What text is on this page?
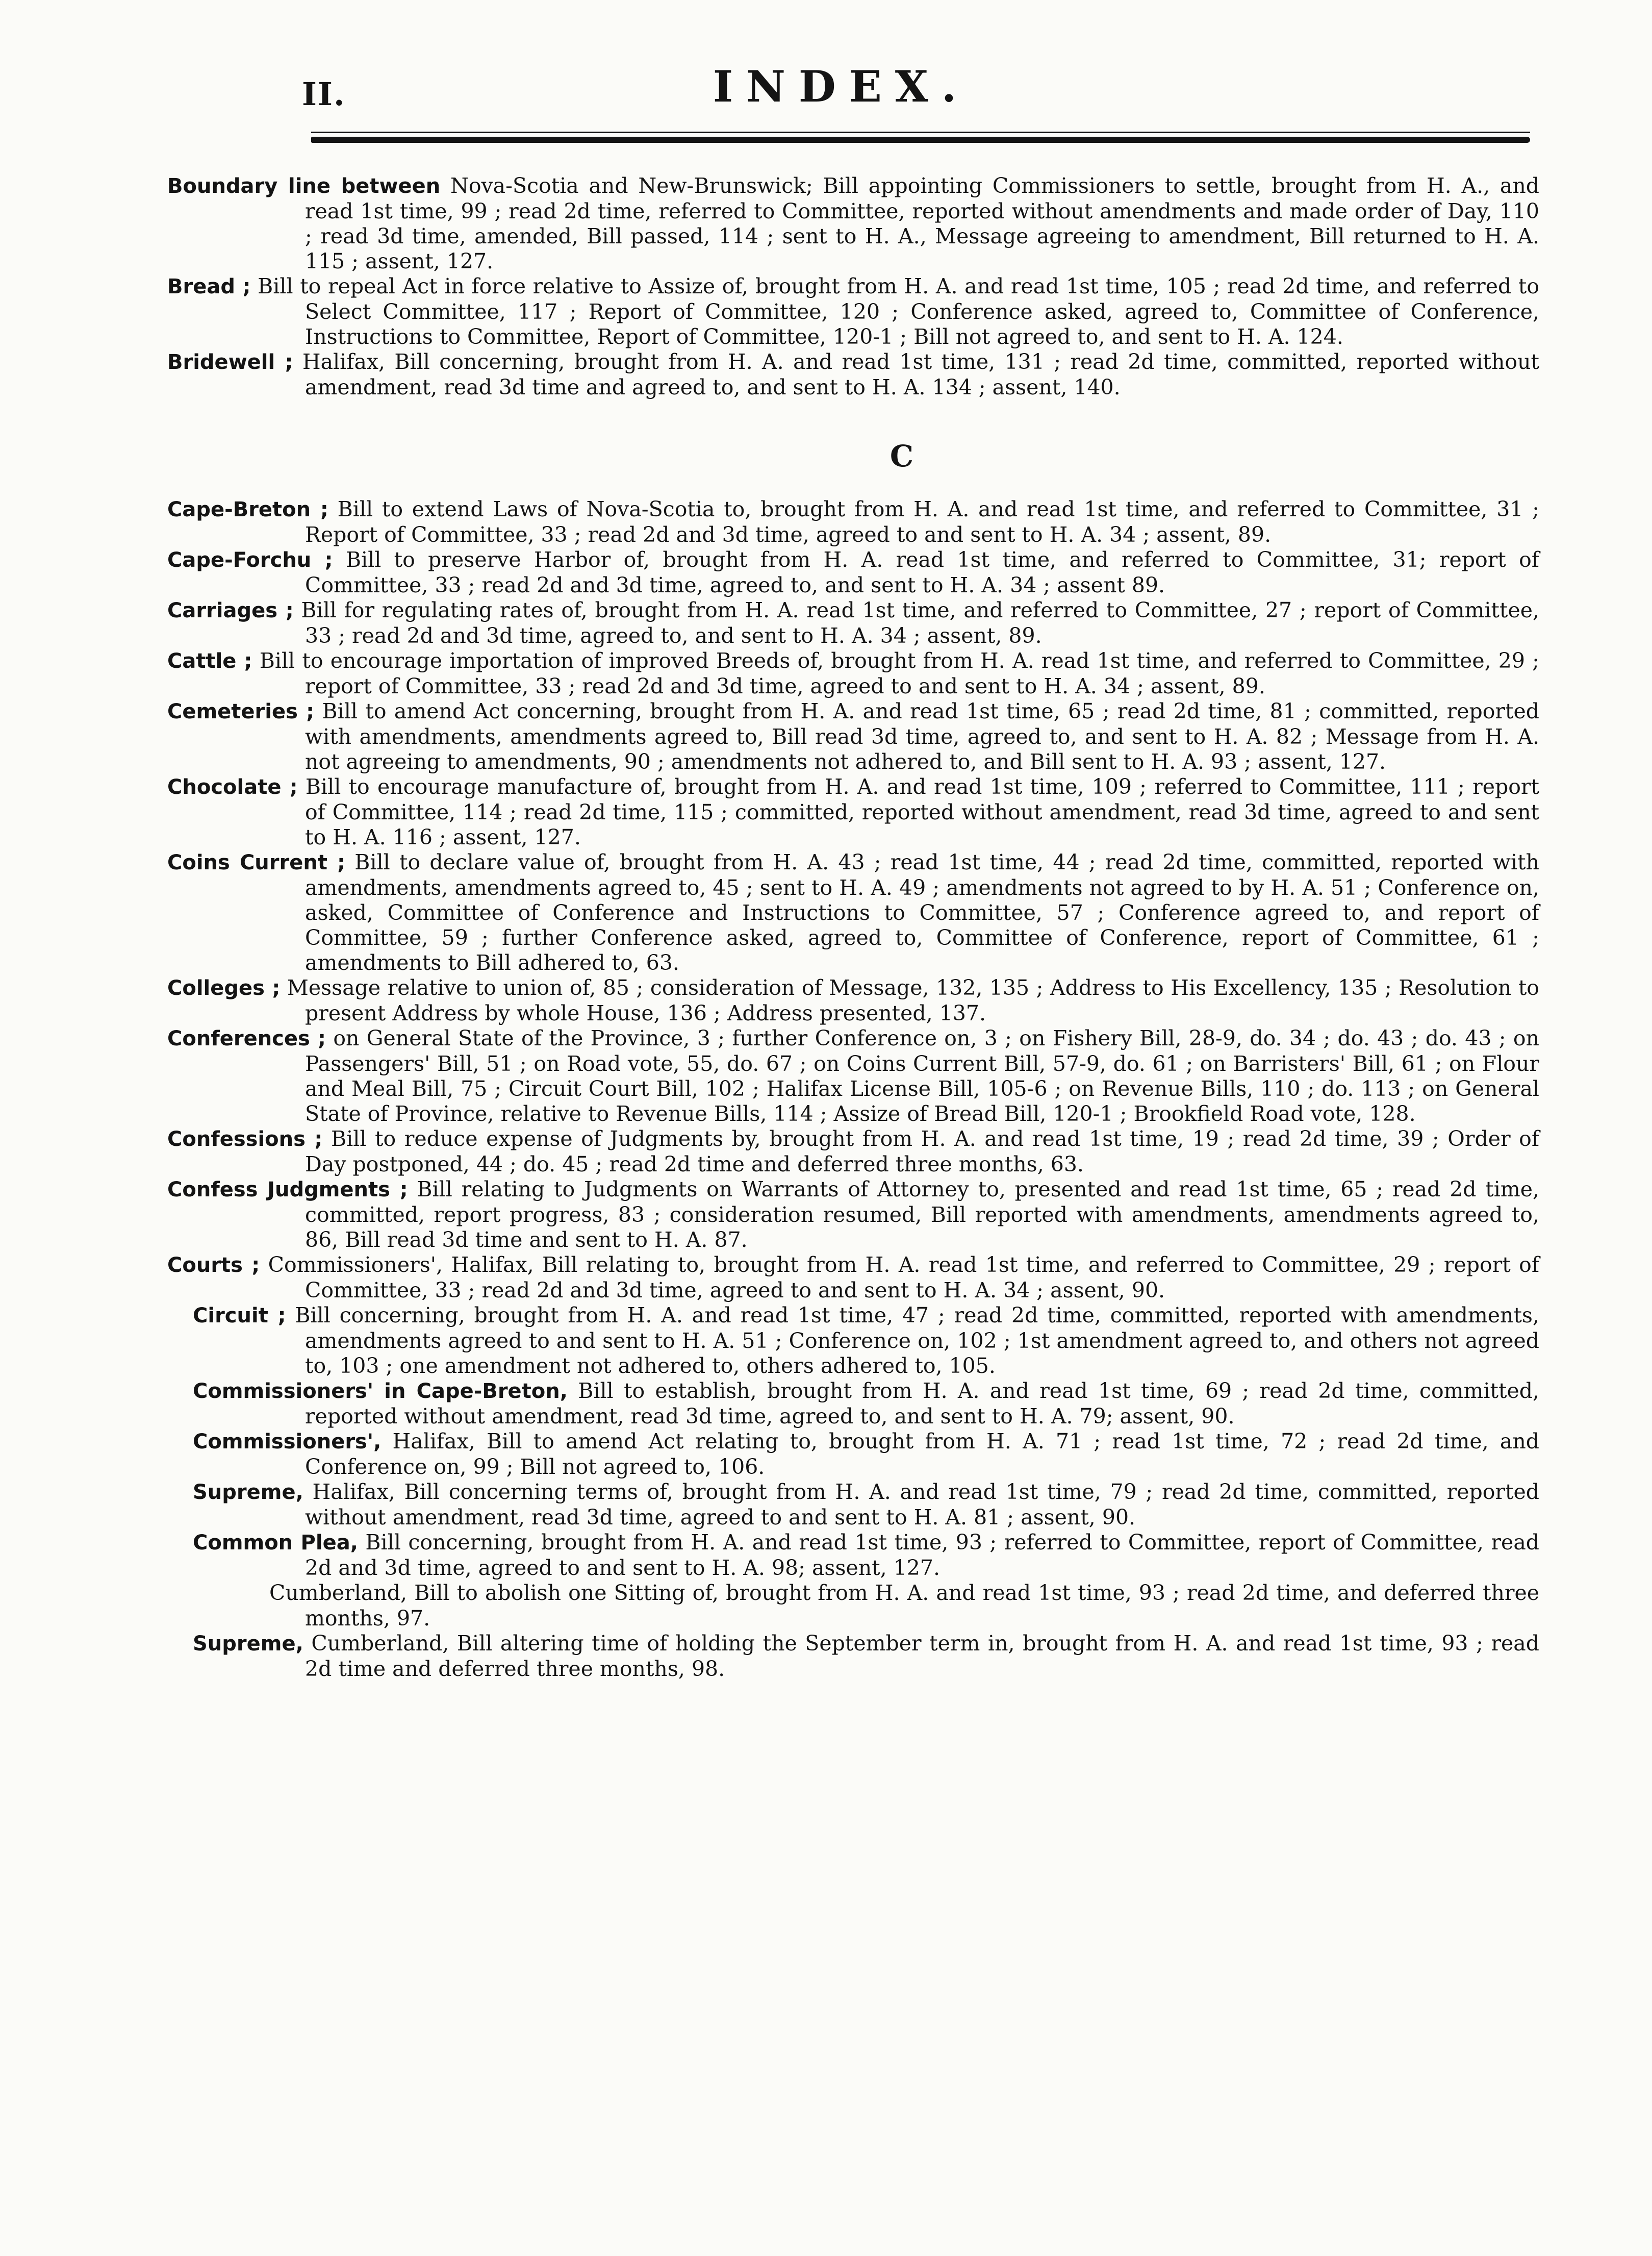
II.	INDEX.

Boundary line between Nova-Scotia and New-Brunswick; Bill appointing Commissioners to settle, brought from H. A., and read 1st time, 99 ; read 2d time, referred to Committee, reported without amendments and made order of Day, 110 ; read 3d time, amended, Bill passed, 114 ; sent to H. A., Message agreeing to amendment, Bill returned to H. A. 115 ; assent, 127.

Bread ; Bill to repeal Act in force relative to Assize of, brought from H. A. and read 1st time, 105 ; read 2d time, and referred to Select Committee, 117 ; Report of Committee, 120 ; Conference asked, agreed to, Committee of Conference, Instructions to Committee, Report of Committee, 120-1 ; Bill not agreed to, and sent to H. A. 124.

Bridewell ; Halifax, Bill concerning, brought from H. A. and read 1st time, 131 ; read 2d time, committed, reported without amendment, read 3d time and agreed to, and sent to H. A. 134 ; assent, 140.

C

Cape-Breton ; Bill to extend Laws of Nova-Scotia to, brought from H. A. and read 1st time, and referred to Committee, 31 ; Report of Committee, 33 ; read 2d and 3d time, agreed to and sent to H. A. 34 ; assent, 89.

Cape-Forchu ; Bill to preserve Harbor of, brought from H. A. read 1st time, and referred to Committee, 31; report of Committee, 33 ; read 2d and 3d time, agreed to, and sent to H. A. 34 ; assent 89.

Carriages ; Bill for regulating rates of, brought from H. A. read 1st time, and referred to Committee, 27 ; report of Committee, 33 ; read 2d and 3d time, agreed to, and sent to H. A. 34 ; assent, 89.

Cattle ; Bill to encourage importation of improved Breeds of, brought from H. A. read 1st time, and referred to Committee, 29 ; report of Committee, 33 ; read 2d and 3d time, agreed to and sent to H. A. 34 ; assent, 89.

Cemeteries ; Bill to amend Act concerning, brought from H. A. and read 1st time, 65 ; read 2d time, 81 ; committed, reported with amendments, amendments agreed to, Bill read 3d time, agreed to, and sent to H. A. 82 ; Message from H. A. not agreeing to amendments, 90 ; amendments not adhered to, and Bill sent to H. A. 93 ; assent, 127.

Chocolate ; Bill to encourage manufacture of, brought from H. A. and read 1st time, 109 ; referred to Committee, 111 ; report of Committee, 114 ; read 2d time, 115 ; committed, reported without amendment, read 3d time, agreed to and sent to H. A. 116 ; assent, 127.

Coins Current ; Bill to declare value of, brought from H. A. 43 ; read 1st time, 44 ; read 2d time, committed, reported with amendments, amendments agreed to, 45 ; sent to H. A. 49 ; amendments not agreed to by H. A. 51 ; Conference on, asked, Committee of Conference and Instructions to Committee, 57 ; Conference agreed to, and report of Committee, 59 ; further Conference asked, agreed to, Committee of Conference, report of Committee, 61 ; amendments to Bill adhered to, 63.

Colleges ; Message relative to union of, 85 ; consideration of Message, 132, 135 ; Address to His Excellency, 135 ; Resolution to present Address by whole House, 136 ; Address presented, 137.

Conferences ; on General State of the Province, 3 ; further Conference on, 3 ; on Fishery Bill, 28-9, do. 34 ; do. 43 ; do. 43 ; on Passengers' Bill, 51 ; on Road vote, 55, do. 67 ; on Coins Current Bill, 57-9, do. 61 ; on Barristers' Bill, 61 ; on Flour and Meal Bill, 75 ; Circuit Court Bill, 102 ; Halifax License Bill, 105-6 ; on Revenue Bills, 110 ; do. 113 ; on General State of Province, relative to Revenue Bills, 114 ; Assize of Bread Bill, 120-1 ; Brookfield Road vote, 128.

Confessions ; Bill to reduce expense of Judgments by, brought from H. A. and read 1st time, 19 ; read 2d time, 39 ; Order of Day postponed, 44 ; do. 45 ; read 2d time and deferred three months, 63.

Confess Judgments ; Bill relating to Judgments on Warrants of Attorney to, presented and read 1st time, 65 ; read 2d time, committed, report progress, 83 ; consideration resumed, Bill reported with amendments, amendments agreed to, 86, Bill read 3d time and sent to H. A. 87.

Courts ; Commissioners', Halifax, Bill relating to, brought from H. A. read 1st time, and referred to Committee, 29 ; report of Committee, 33 ; read 2d and 3d time, agreed to and sent to H. A. 34 ; assent, 90.

Circuit ; Bill concerning, brought from H. A. and read 1st time, 47 ; read 2d time, committed, reported with amendments, amendments agreed to and sent to H. A. 51 ; Conference on, 102 ; 1st amendment agreed to, and others not agreed to, 103 ; one amendment not adhered to, others adhered to, 105.

Commissioners' in Cape-Breton, Bill to establish, brought from H. A. and read 1st time, 69 ; read 2d time, committed, reported without amendment, read 3d time, agreed to, and sent to H. A. 79; assent, 90.

Commissioners', Halifax, Bill to amend Act relating to, brought from H. A. 71 ; read 1st time, 72 ; read 2d time, and Conference on, 99 ; Bill not agreed to, 106.

Supreme, Halifax, Bill concerning terms of, brought from H. A. and read 1st time, 79 ; read 2d time, committed, reported without amendment, read 3d time, agreed to and sent to H. A. 81 ; assent, 90.

Common Plea, Bill concerning, brought from H. A. and read 1st time, 93 ; referred to Committee, report of Committee, read 2d and 3d time, agreed to and sent to H. A. 98; assent, 127.

Cumberland, Bill to abolish one Sitting of, brought from H. A. and read 1st time, 93 ; read 2d time, and deferred three months, 97.

Supreme, Cumberland, Bill altering time of holding the September term in, brought from H. A. and read 1st time, 93 ; read 2d time and deferred three months, 98.
